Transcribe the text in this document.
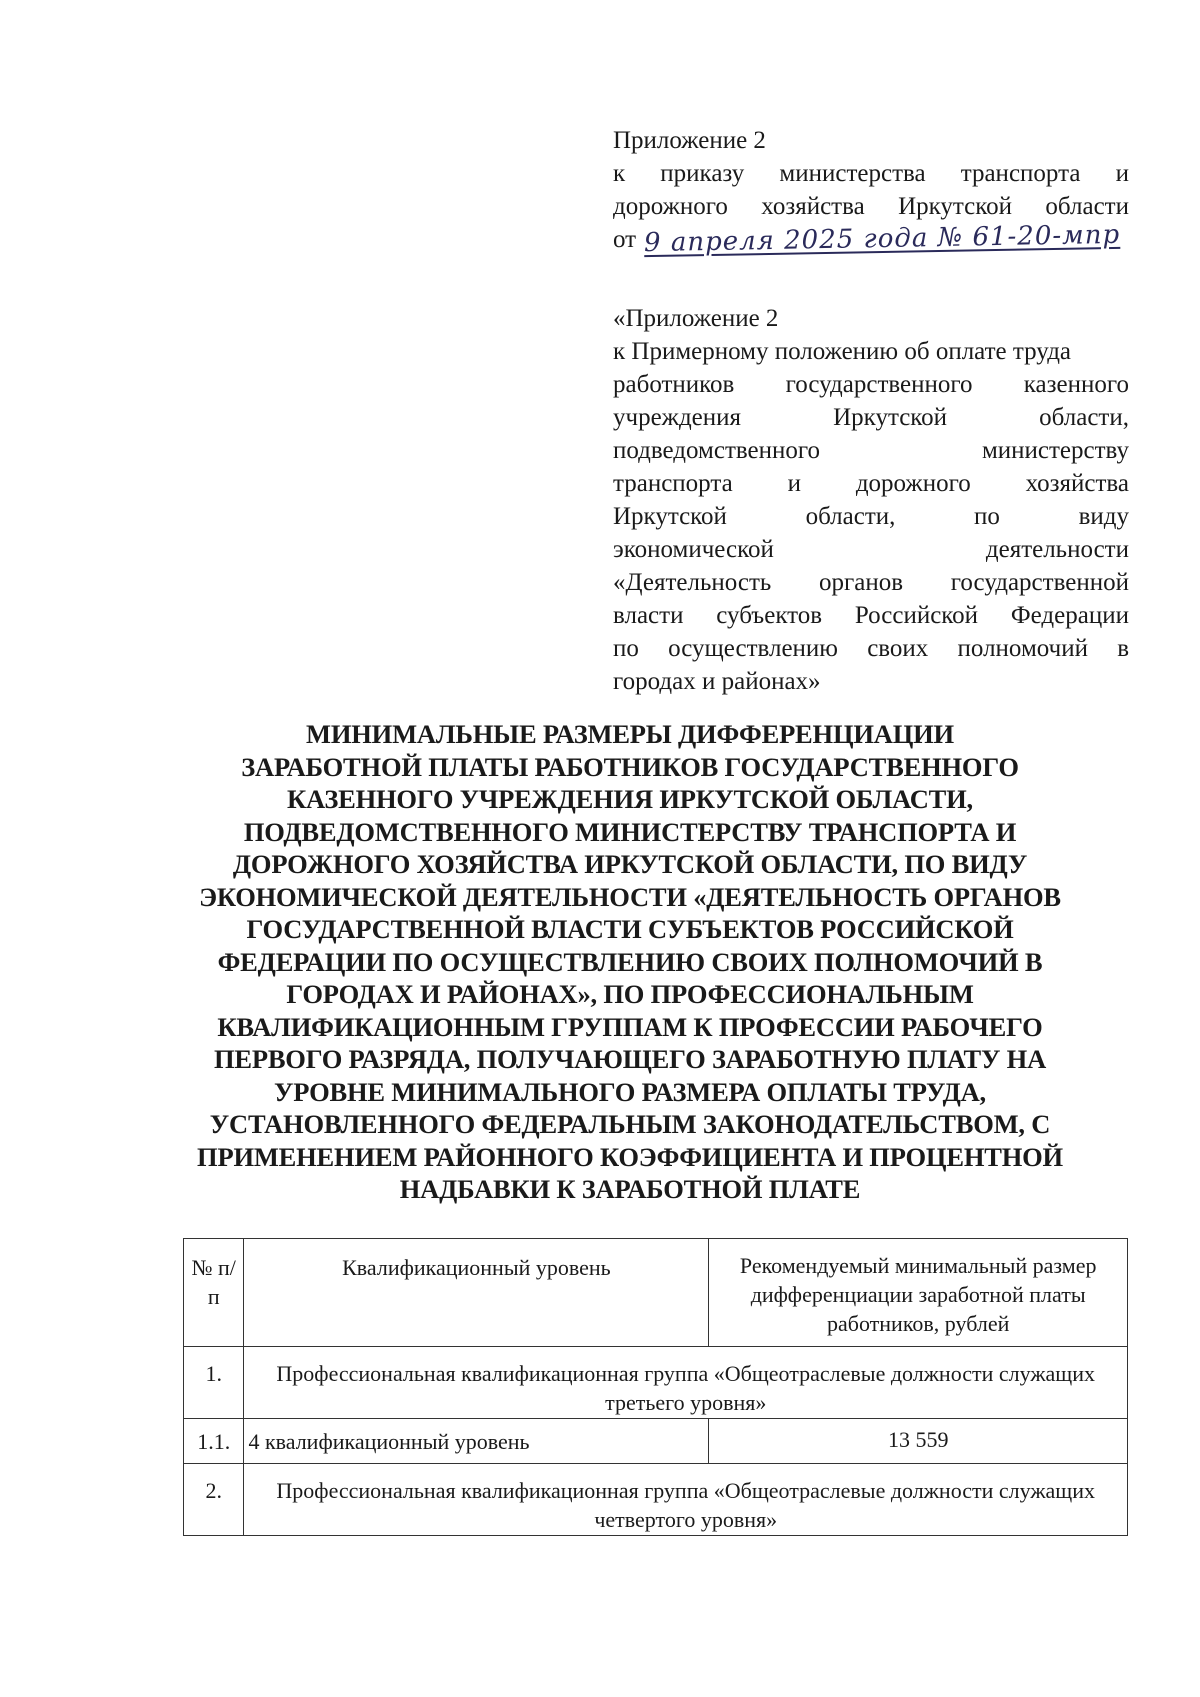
Приложение 2
к приказу министерства транспорта и
дорожного хозяйства Иркутской области
от 9 апреля 2025 года № 61-20-мпр
«Приложение 2
к Примерному положению об оплате труда
работников государственного казенного
учреждения	Иркутской	области,
подведомственного	министерству
транспорта и дорожного хозяйства
Иркутской	области,	по	виду
экономической	деятельности
«Деятельность органов государственной
власти субъектов Российской Федерации
по осуществлению своих полномочий в
городах и районах»
МИНИМАЛЬНЫЕ РАЗМЕРЫ ДИФФЕРЕНЦИАЦИИ
ЗАРАБОТНОЙ ПЛАТЫ РАБОТНИКОВ ГОСУДАРСТВЕННОГО
КАЗЕННОГО УЧРЕЖДЕНИЯ ИРКУТСКОЙ ОБЛАСТИ,
ПОДВЕДОМСТВЕННОГО МИНИСТЕРСТВУ ТРАНСПОРТА И
ДОРОЖНОГО ХОЗЯЙСТВА ИРКУТСКОЙ ОБЛАСТИ, ПО ВИДУ
ЭКОНОМИЧЕСКОЙ ДЕЯТЕЛЬНОСТИ «ДЕЯТЕЛЬНОСТЬ ОРГАНОВ
ГОСУДАРСТВЕННОЙ ВЛАСТИ СУБЪЕКТОВ РОССИЙСКОЙ
ФЕДЕРАЦИИ ПО ОСУЩЕСТВЛЕНИЮ СВОИХ ПОЛНОМОЧИЙ В
ГОРОДАХ И РАЙОНАХ», ПО ПРОФЕССИОНАЛЬНЫМ
КВАЛИФИКАЦИОННЫМ ГРУППАМ К ПРОФЕССИИ РАБОЧЕГО
ПЕРВОГО РАЗРЯДА, ПОЛУЧАЮЩЕГО ЗАРАБОТНУЮ ПЛАТУ НА
УРОВНЕ МИНИМАЛЬНОГО РАЗМЕРА ОПЛАТЫ ТРУДА,
УСТАНОВЛЕННОГО ФЕДЕРАЛЬНЫМ ЗАКОНОДАТЕЛЬСТВОМ, С
ПРИМЕНЕНИЕМ РАЙОННОГО КОЭФФИЦИЕНТА И ПРОЦЕНТНОЙ
НАДБАВКИ К ЗАРАБОТНОЙ ПЛАТЕ
№ п/п	Квалификационный уровень	Рекомендуемый минимальный размер дифференциации заработной платы работников, рублей
1.	Профессиональная квалификационная группа «Общеотраслевые должности служащих третьего уровня»	
1.1.	4 квалификационный уровень	13 559
2.	Профессиональная квалификационная группа «Общеотраслевые должности служащих четвертого уровня»	
